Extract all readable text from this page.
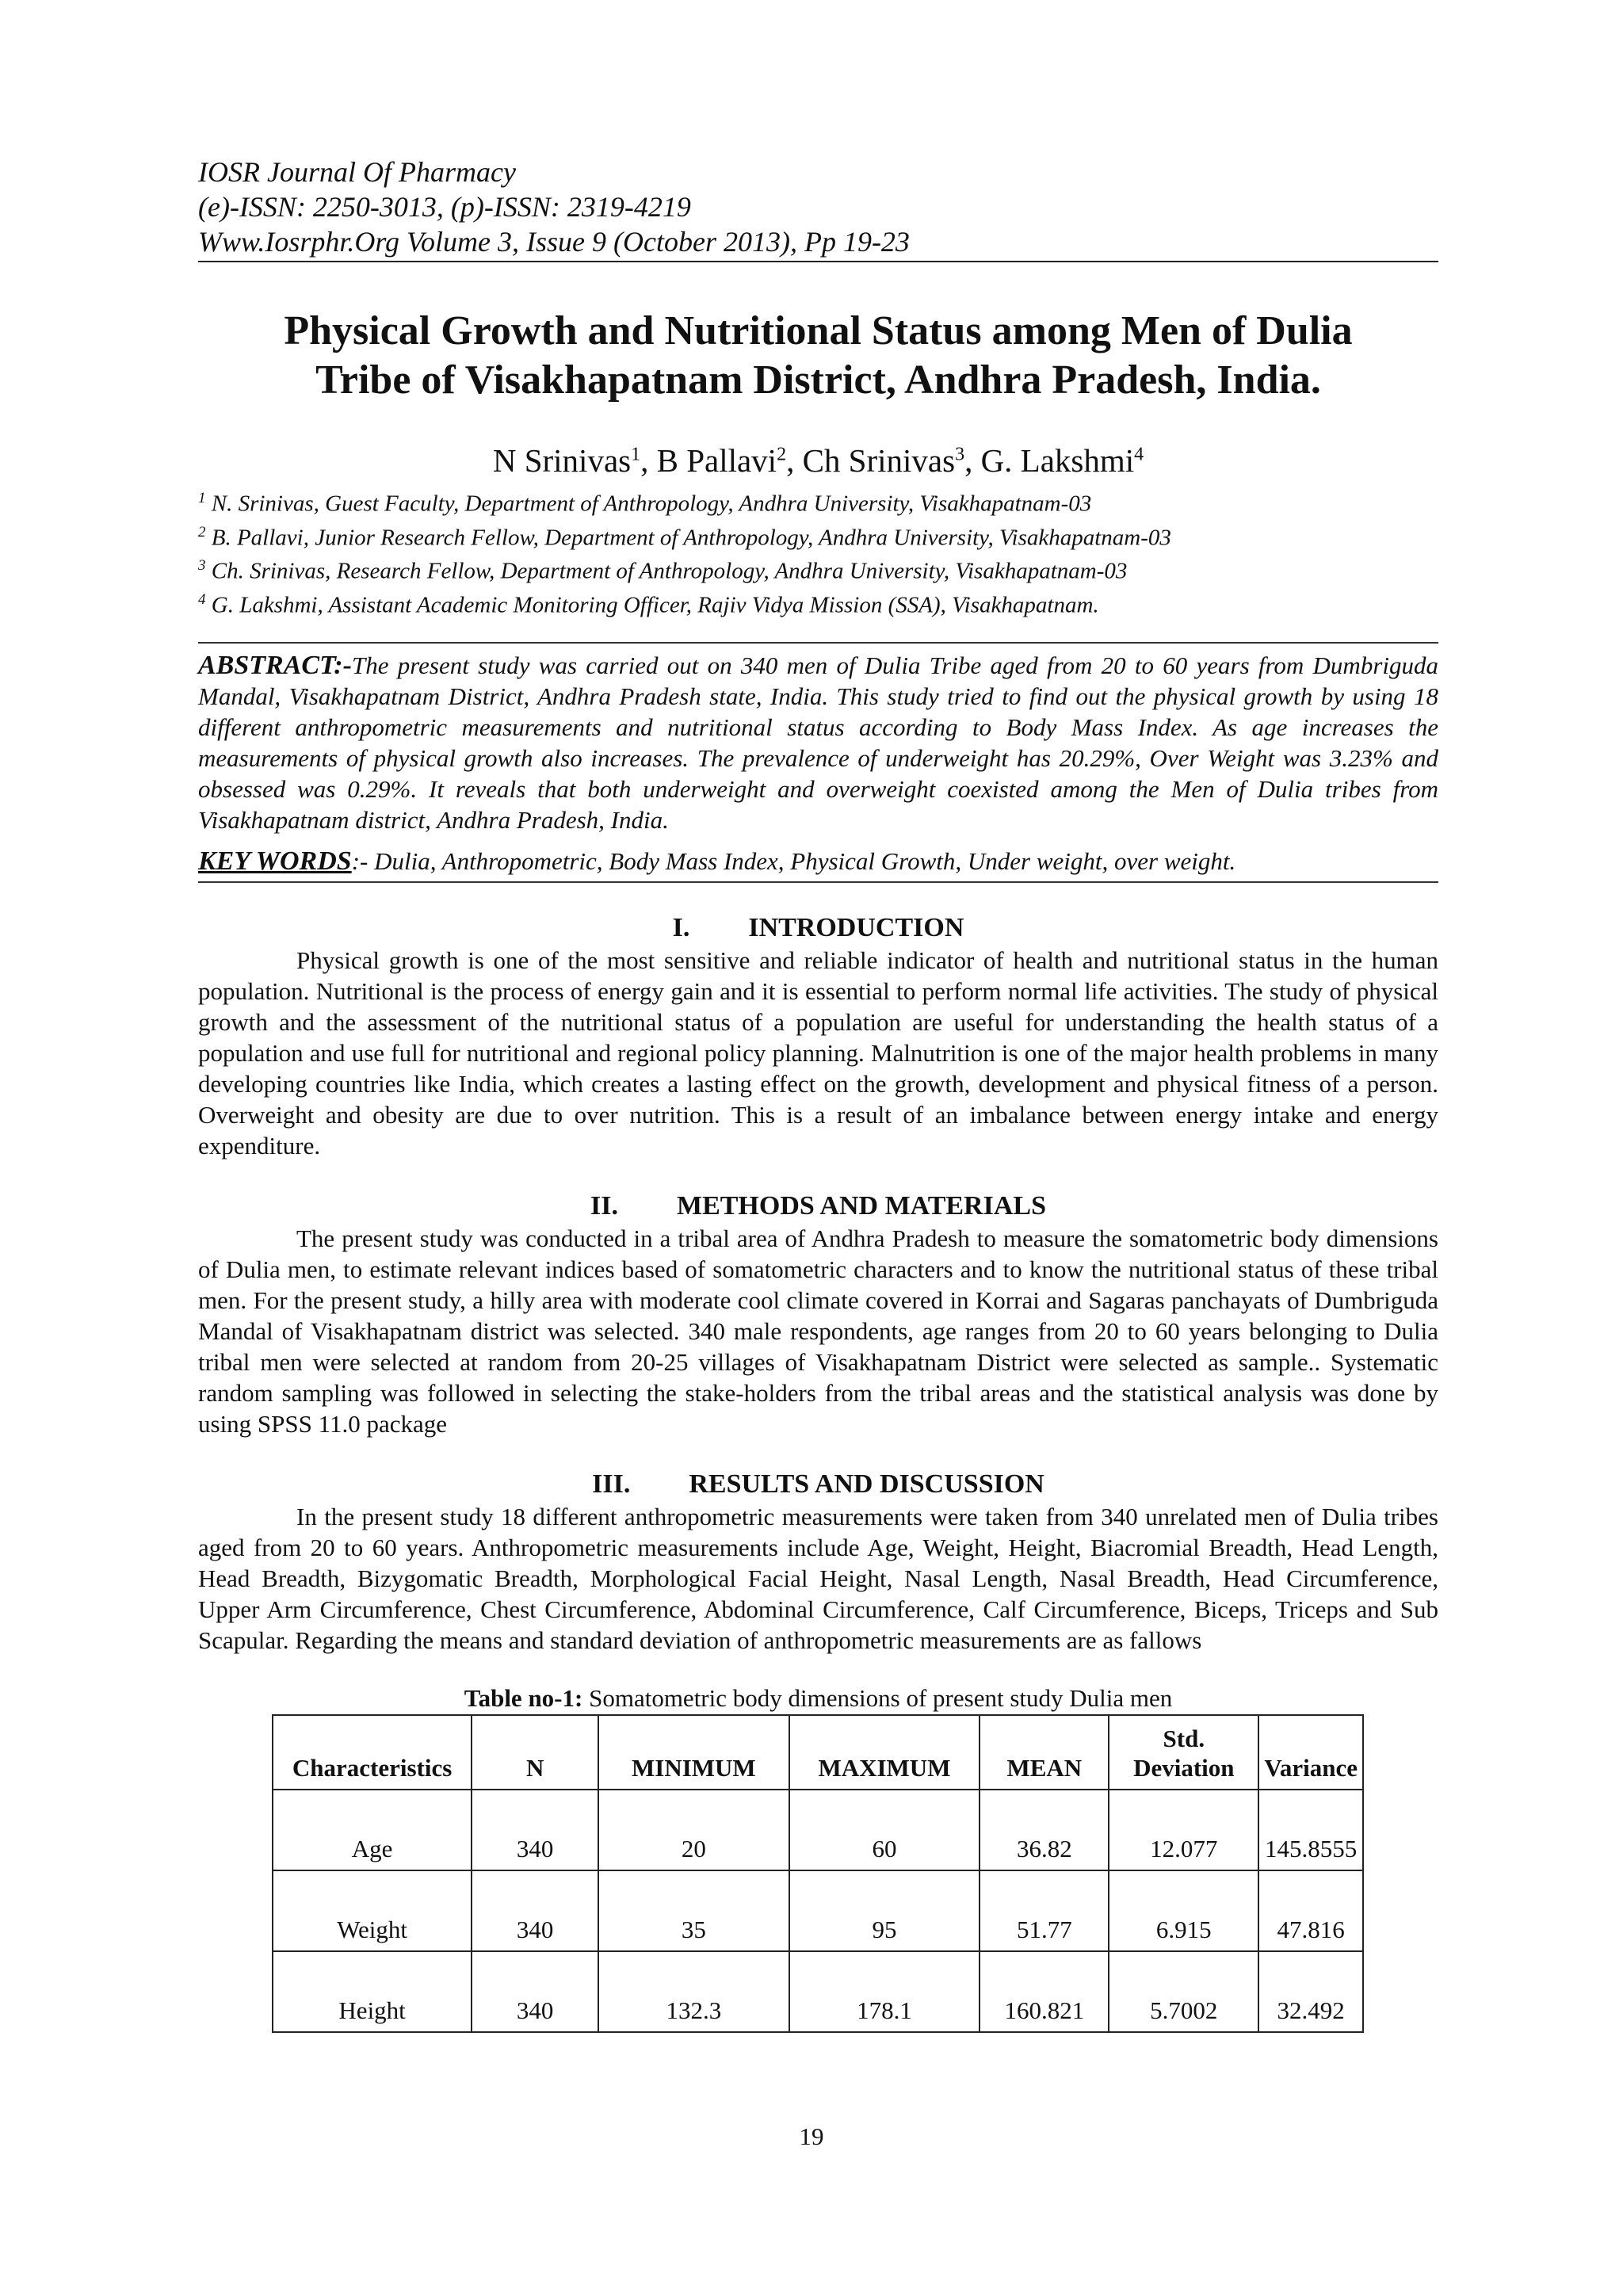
IOSR Journal Of Pharmacy
(e)-ISSN: 2250-3013, (p)-ISSN: 2319-4219
Www.Iosrphr.Org Volume 3, Issue 9 (October 2013), Pp 19-23
Physical Growth and Nutritional Status among Men of Dulia
Tribe of Visakhapatnam District, Andhra Pradesh, India.
N Srinivas$^1$, B Pallavi$^2$, Ch Srinivas$^3$, G. Lakshmi$^4$
$^1$ N. Srinivas, Guest Faculty, Department of Anthropology, Andhra University, Visakhapatnam-03
$^2$ B. Pallavi, Junior Research Fellow, Department of Anthropology, Andhra University, Visakhapatnam-03
$^3$ Ch. Srinivas, Research Fellow, Department of Anthropology, Andhra University, Visakhapatnam-03
$^4$ G. Lakshmi, Assistant Academic Monitoring Officer, Rajiv Vidya Mission (SSA), Visakhapatnam.

ABSTRACT:-The present study was carried out on 340 men of Dulia Tribe aged from 20 to 60 years from Dumbriguda Mandal, Visakhapatnam District, Andhra Pradesh state, India. This study tried to find out the physical growth by using 18 different anthropometric measurements and nutritional status according to Body Mass Index. As age increases the measurements of physical growth also increases. The prevalence of underweight has 20.29%, Over Weight was 3.23% and obsessed was 0.29%. It reveals that both underweight and overweight coexisted among the Men of Dulia tribes from Visakhapatnam district, Andhra Pradesh, India.

KEY WORDS:- Dulia, Anthropometric, Body Mass Index, Physical Growth, Under weight, over weight.
I. INTRODUCTION

Physical growth is one of the most sensitive and reliable indicator of health and nutritional status in the human population. Nutritional is the process of energy gain and it is essential to perform normal life activities. The study of physical growth and the assessment of the nutritional status of a population are useful for understanding the health status of a population and use full for nutritional and regional policy planning. Malnutrition is one of the major health problems in many developing countries like India, which creates a lasting effect on the growth, development and physical fitness of a person. Overweight and obesity are due to over nutrition. This is a result of an imbalance between energy intake and energy expenditure.

II. METHODS AND MATERIALS

The present study was conducted in a tribal area of Andhra Pradesh to measure the somatometric body dimensions of Dulia men, to estimate relevant indices based of somatometric characters and to know the nutritional status of these tribal men. For the present study, a hilly area with moderate cool climate covered in Korrai and Sagaras panchayats of Dumbriguda Mandal of Visakhapatnam district was selected. 340 male respondents, age ranges from 20 to 60 years belonging to Dulia tribal men were selected at random from 20-25 villages of Visakhapatnam District were selected as sample.. Systematic random sampling was followed in selecting the stake-holders from the tribal areas and the statistical analysis was done by using SPSS 11.0 package

III. RESULTS AND DISCUSSION

In the present study 18 different anthropometric measurements were taken from 340 unrelated men of Dulia tribes aged from 20 to 60 years. Anthropometric measurements include Age, Weight, Height, Biacromial Breadth, Head Length, Head Breadth, Bizygomatic Breadth, Morphological Facial Height, Nasal Length, Nasal Breadth, Head Circumference, Upper Arm Circumference, Chest Circumference, Abdominal Circumference, Calf Circumference, Biceps, Triceps and Sub Scapular. Regarding the means and standard deviation of anthropometric measurements are as fallows

Table no-1: Somatometric body dimensions of present study Dulia men
Characteristics	N	MINIMUM	MAXIMUM	MEAN	Std.
Deviation	Variance
Age	340	20	60	36.82	12.077	145.8555
Weight	340	35	95	51.77	6.915	47.816
Height	340	132.3	178.1	160.821	5.7002	32.492
19
